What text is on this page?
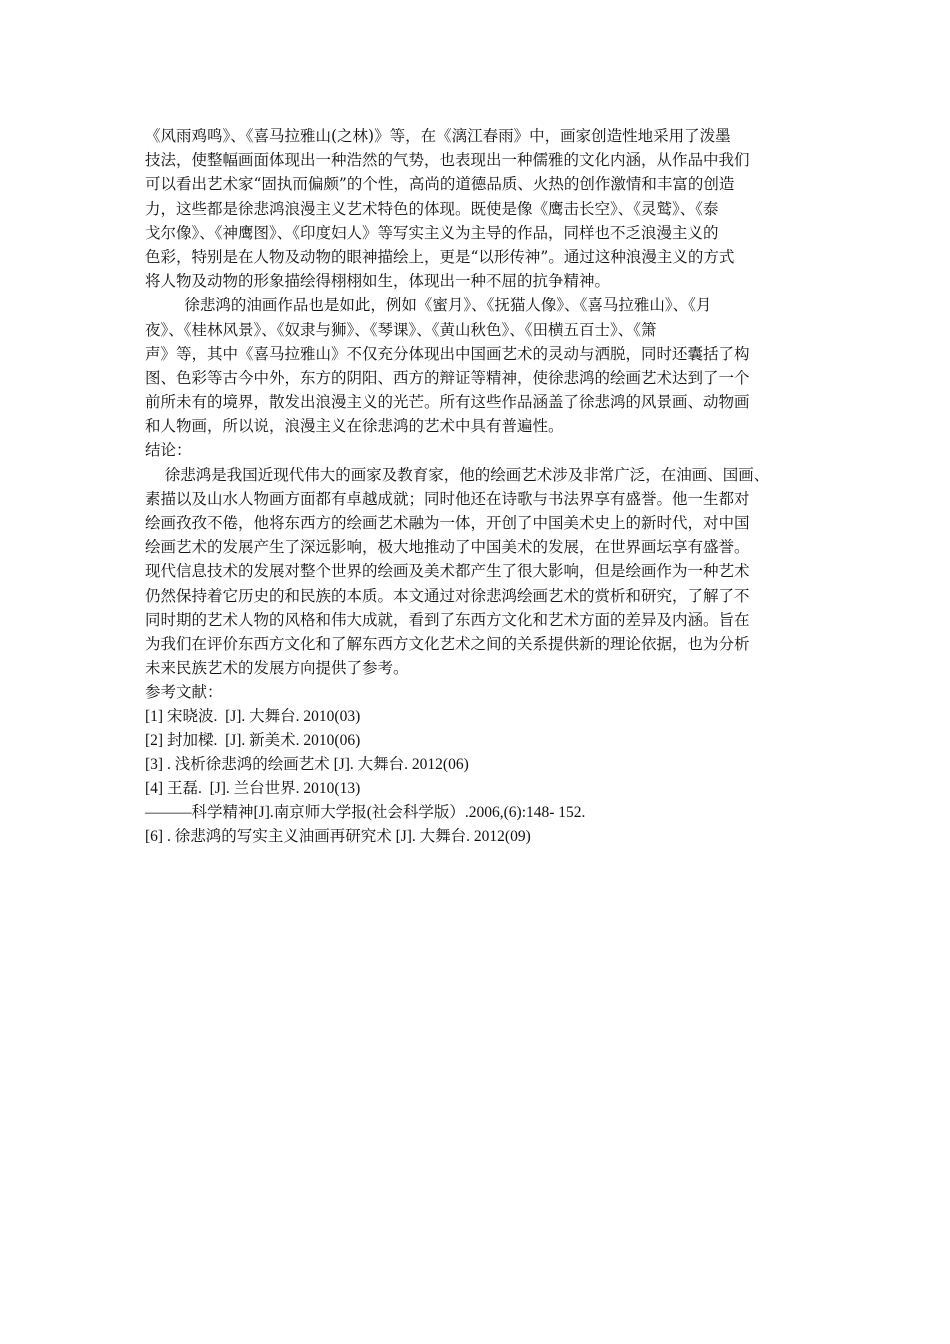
《风雨鸡鸣》、《喜马拉雅山(之林)》等，在《漓江春雨》中，画家创造性地采用了泼墨
技法，使整幅画面体现出一种浩然的气势，也表现出一种儒雅的文化内涵，从作品中我们
可以看出艺术家“固执而偏颇”的个性，高尚的道德品质、火热的创作激情和丰富的创造
力，这些都是徐悲鸿浪漫主义艺术特色的体现。既使是像《鹰击长空》、《灵鹫》、《泰
戈尔像》、《神鹰图》、《印度妇人》等写实主义为主导的作品，同样也不乏浪漫主义的
色彩，特别是在人物及动物的眼神描绘上，更是“以形传神”。通过这种浪漫主义的方式
将人物及动物的形象描绘得栩栩如生，体现出一种不屈的抗争精神。
徐悲鸿的油画作品也是如此，例如《蜜月》、《抚猫人像》、《喜马拉雅山》、《月
夜》、《桂林风景》、《奴隶与狮》、《琴课》、《黄山秋色》、《田横五百士》、《箫
声》等，其中《喜马拉雅山》不仅充分体现出中国画艺术的灵动与洒脱，同时还囊括了构
图、色彩等古今中外，东方的阴阳、西方的辩证等精神，使徐悲鸿的绘画艺术达到了一个
前所未有的境界，散发出浪漫主义的光芒。所有这些作品涵盖了徐悲鸿的风景画、动物画
和人物画，所以说，浪漫主义在徐悲鸿的艺术中具有普遍性。
结论：
徐悲鸿是我国近现代伟大的画家及教育家，他的绘画艺术涉及非常广泛，在油画、国画、
素描以及山水人物画方面都有卓越成就；同时他还在诗歌与书法界享有盛誉。他一生都对
绘画孜孜不倦，他将东西方的绘画艺术融为一体，开创了中国美术史上的新时代，对中国
绘画艺术的发展产生了深远影响，极大地推动了中国美术的发展，在世界画坛享有盛誉。
现代信息技术的发展对整个世界的绘画及美术都产生了很大影响，但是绘画作为一种艺术
仍然保持着它历史的和民族的本质。本文通过对徐悲鸿绘画艺术的赏析和研究，了解了不
同时期的艺术人物的风格和伟大成就，看到了东西方文化和艺术方面的差异及内涵。旨在
为我们在评价东西方文化和了解东西方文化艺术之间的关系提供新的理论依据，也为分析
未来民族艺术的发展方向提供了参考。
参考文献：
[1] 宋晓波.  [J]. 大舞台. 2010(03)
[2] 封加樑.  [J]. 新美术. 2010(06)
[3] . 浅析徐悲鸿的绘画艺术 [J]. 大舞台. 2012(06)
[4] 王磊.  [J]. 兰台世界. 2010(13)
———科学精神[J].南京师大学报(社会科学版）.2006,(6):148- 152.
[6] . 徐悲鸿的写实主义油画再研究术 [J]. 大舞台. 2012(09)
